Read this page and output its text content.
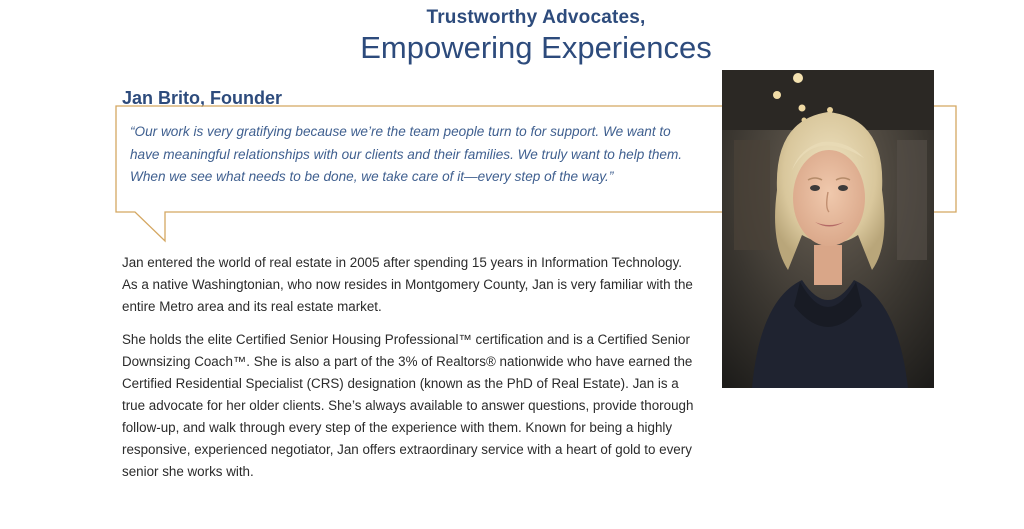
Trustworthy Advocates,
Empowering Experiences
Jan Brito, Founder
“Our work is very gratifying because we’re the team people turn to for support. We want to have meaningful relationships with our clients and their families. We truly want to help them. When we see what needs to be done, we take care of it—every step of the way.”

Jan entered the world of real estate in 2005 after spending 15 years in Information Technology. As a native Washingtonian, who now resides in Montgomery County, Jan is very familiar with the entire Metro area and its real estate market.

She holds the elite Certified Senior Housing Professional™ certification and is a Certified Senior Downsizing Coach™. She is also a part of the 3% of Realtors® nationwide who have earned the Certified Residential Specialist (CRS) designation (known as the PhD of Real Estate). Jan is a true advocate for her older clients. She’s always available to answer questions, provide thorough follow-up, and walk through every step of the experience with them. Known for being a highly responsive, experienced negotiator, Jan offers extraordinary service with a heart of gold to every senior she works with.
